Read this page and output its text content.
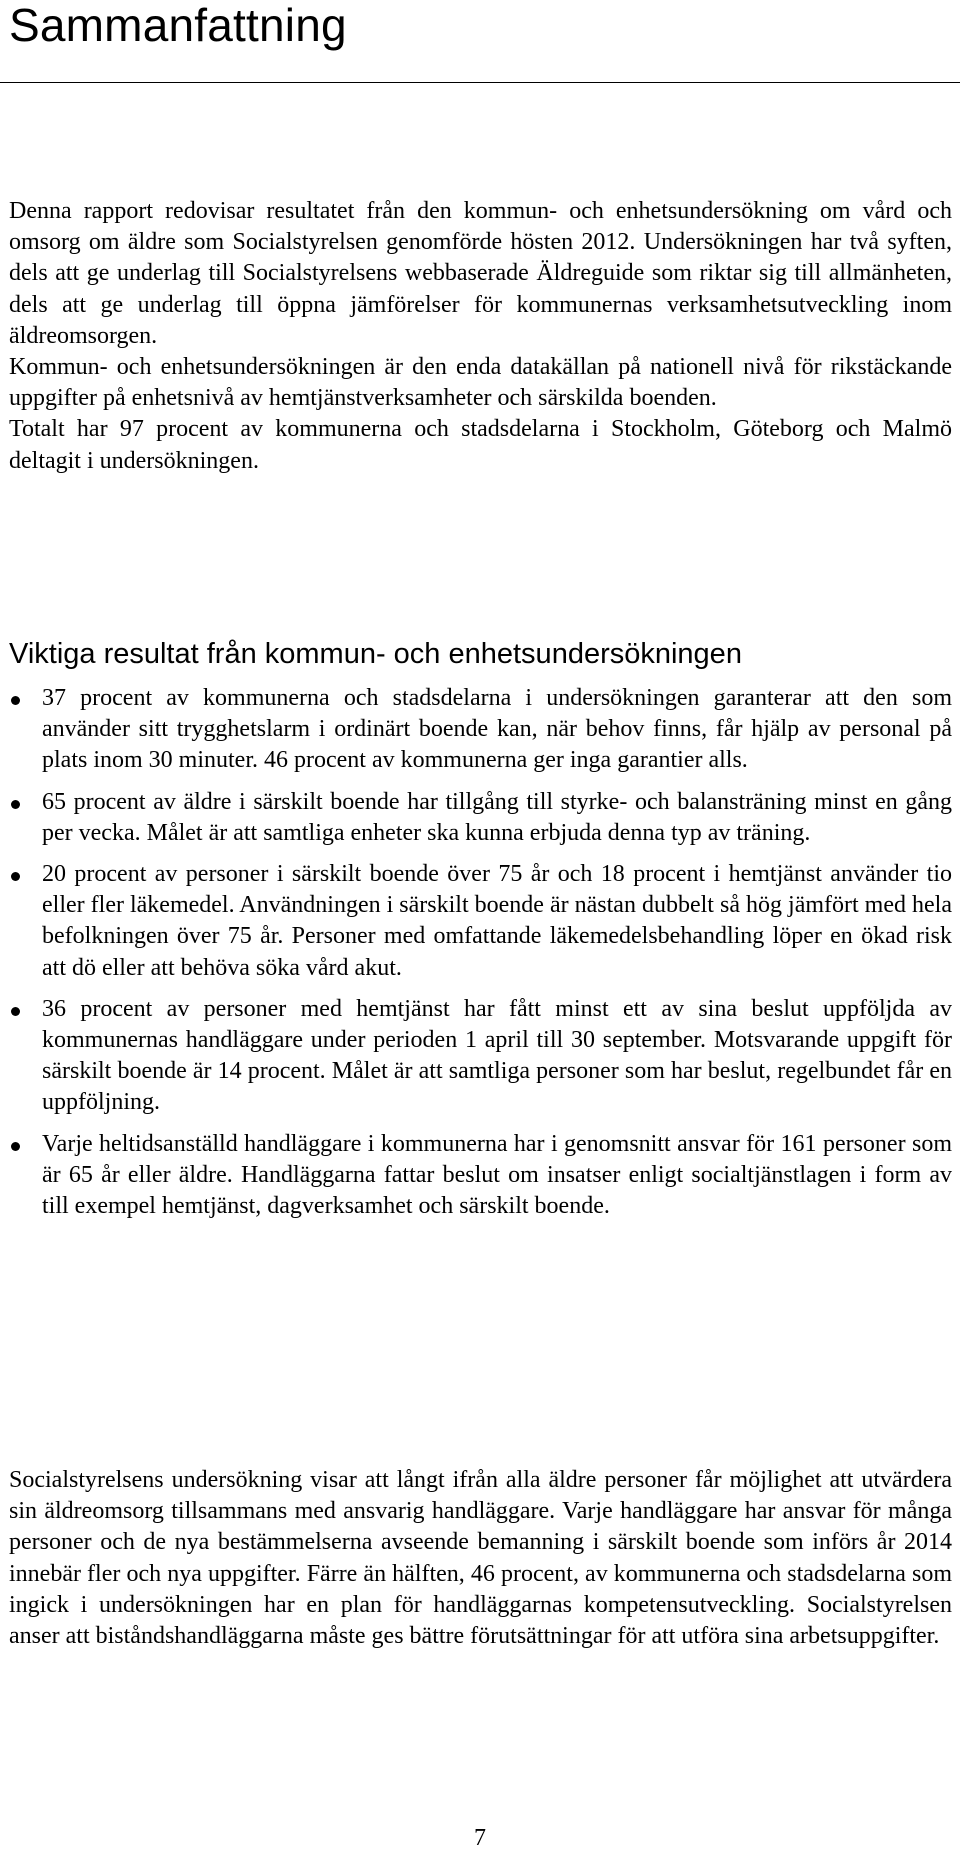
Sammanfattning

Denna rapport redovisar resultatet från den kommun- och enhetsundersökning om vård och omsorg om äldre som Socialstyrelsen genomförde hösten 2012. Undersökningen har två syften, dels att ge underlag till Socialstyrelsens webbaserade Äldreguide som riktar sig till allmänheten, dels att ge underlag till öppna jämförelser för kommunernas verksamhetsutveckling inom äldreomsorgen.

Kommun- och enhetsundersökningen är den enda datakällan på nationell nivå för rikstäckande uppgifter på enhetsnivå av hemtjänstverksamheter och särskilda boenden.

Totalt har 97 procent av kommunerna och stadsdelarna i Stockholm, Göteborg och Malmö deltagit i undersökningen.

Viktiga resultat från kommun- och enhetsundersökningen
37 procent av kommunerna och stadsdelarna i undersökningen garanterar att den som använder sitt trygghetslarm i ordinärt boende kan, när behov finns, får hjälp av personal på plats inom 30 minuter. 46 procent av kommunerna ger inga garantier alls.
65 procent av äldre i särskilt boende har tillgång till styrke- och balansträning minst en gång per vecka. Målet är att samtliga enheter ska kunna erbjuda denna typ av träning.
20 procent av personer i särskilt boende över 75 år och 18 procent i hemtjänst använder tio eller fler läkemedel. Användningen i särskilt boende är nästan dubbelt så hög jämfört med hela befolkningen över 75 år. Personer med omfattande läkemedelsbehandling löper en ökad risk att dö eller att behöva söka vård akut.
36 procent av personer med hemtjänst har fått minst ett av sina beslut uppföljda av kommunernas handläggare under perioden 1 april till 30 september. Motsvarande uppgift för särskilt boende är 14 procent. Målet är att samtliga personer som har beslut, regelbundet får en uppföljning.
Varje heltidsanställd handläggare i kommunerna har i genomsnitt ansvar för 161 personer som är 65 år eller äldre. Handläggarna fattar beslut om insatser enligt socialtjänstlagen i form av till exempel hemtjänst, dagverksamhet och särskilt boende.

Socialstyrelsens undersökning visar att långt ifrån alla äldre personer får möjlighet att utvärdera sin äldreomsorg tillsammans med ansvarig handläggare. Varje handläggare har ansvar för många personer och de nya bestämmelserna avseende bemanning i särskilt boende som införs år 2014 innebär fler och nya uppgifter. Färre än hälften, 46 procent, av kommunerna och stadsdelarna som ingick i undersökningen har en plan för handläggarnas kompetensutveckling. Socialstyrelsen anser att biståndshandläggarna måste ges bättre förutsättningar för att utföra sina arbetsuppgifter.

7
